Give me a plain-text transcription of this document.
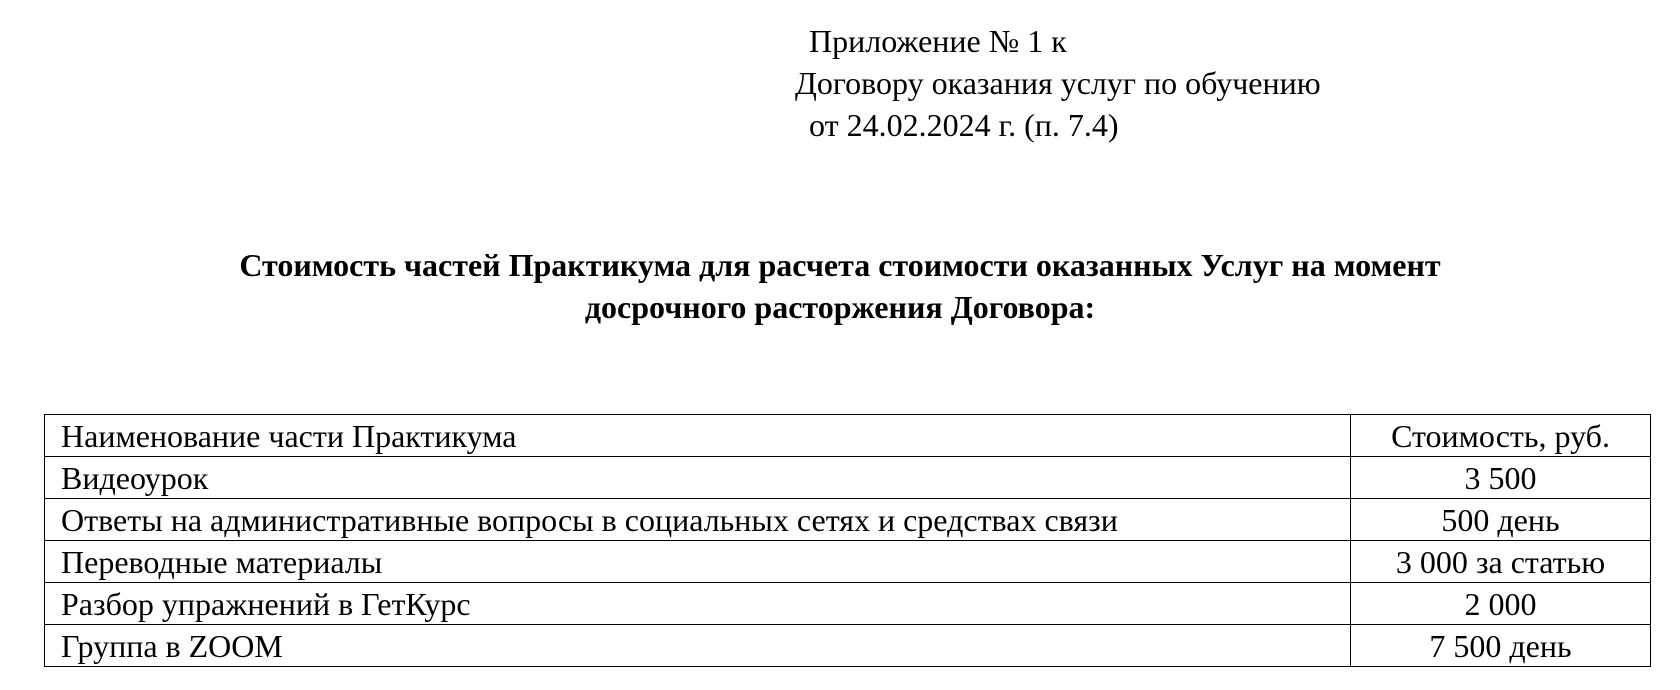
Приложение № 1 к
Договору оказания услуг по обучению
от 24.02.2024 г. (п. 7.4)
Стоимость частей Практикума для расчета стоимости оказанных Услуг на момент
досрочного расторжения Договора:
Наименование части Практикума	Стоимость, руб.
Видеоурок	3 500
Ответы на административные вопросы в социальных сетях и средствах связи	500 день
Переводные материалы	3 000 за статью
Разбор упражнений в ГетКурс	2 000
Группа в ZOOM	7 500 день
